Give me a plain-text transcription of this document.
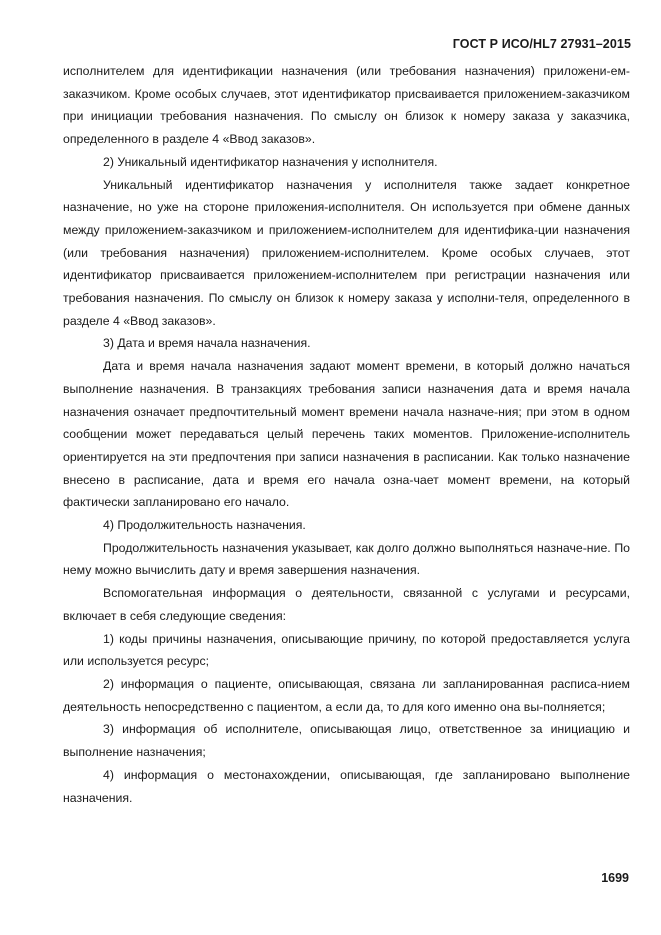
ГОСТ Р ИСО/HL7 27931–2015

исполнителем для идентификации назначения (или требования назначения) приложени-ем-заказчиком. Кроме особых случаев, этот идентификатор присваивается приложением-заказчиком при инициации требования назначения. По смыслу он близок к номеру заказа у заказчика, определенного в разделе 4 «Ввод заказов».

2) Уникальный идентификатор назначения у исполнителя.

Уникальный идентификатор назначения у исполнителя также задает конкретное назначение, но уже на стороне приложения-исполнителя. Он используется при обмене данных между приложением-заказчиком и приложением-исполнителем для идентифика-ции назначения (или требования назначения) приложением-исполнителем. Кроме особых случаев, этот идентификатор присваивается приложением-исполнителем при регистрации назначения или требования назначения. По смыслу он близок к номеру заказа у исполни-теля, определенного в разделе 4 «Ввод заказов».

3) Дата и время начала назначения.

Дата и время начала назначения задают момент времени, в который должно начаться выполнение назначения. В транзакциях требования записи назначения дата и время начала назначения означает предпочтительный момент времени начала назначе-ния; при этом в одном сообщении может передаваться целый перечень таких моментов. Приложение-исполнитель ориентируется на эти предпочтения при записи назначения в расписании. Как только назначение внесено в расписание, дата и время его начала озна-чает момент времени, на который фактически запланировано его начало.

4) Продолжительность назначения.

Продолжительность назначения указывает, как долго должно выполняться назначе-ние. По нему можно вычислить дату и время завершения назначения.

Вспомогательная информация о деятельности, связанной с услугами и ресурсами, включает в себя следующие сведения:

1) коды причины назначения, описывающие причину, по которой предоставляется услуга или используется ресурс;

2) информация о пациенте, описывающая, связана ли запланированная расписа-нием деятельность непосредственно с пациентом, а если да, то для кого именно она вы-полняется;

3) информация об исполнителе, описывающая лицо, ответственное за инициацию и выполнение назначения;

4) информация о местонахождении, описывающая, где запланировано выполнение назначения.

1699
